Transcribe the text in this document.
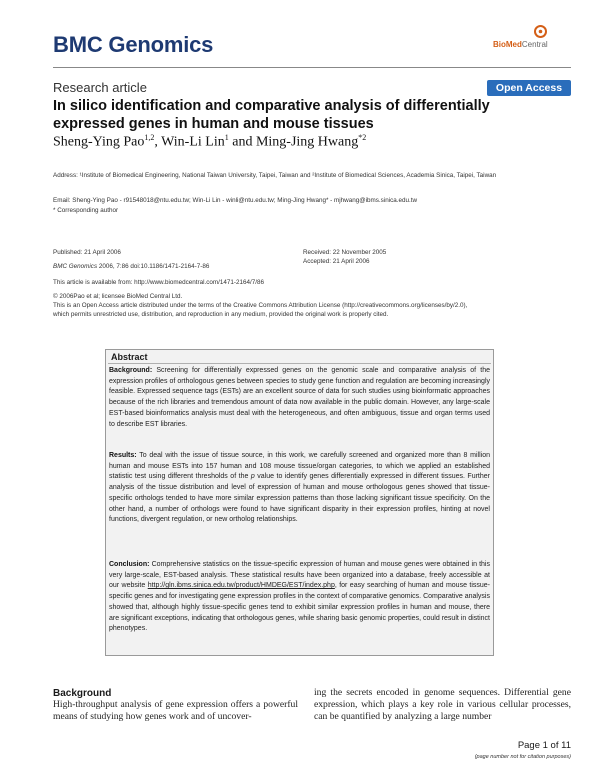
BMC Genomics	BioMedCentral
Research article	Open Access
In silico identification and comparative analysis of differentially expressed genes in human and mouse tissues
Sheng-Ying Pao$^{1,2}$, Win-Li Lin$^1$ and Ming-Jing Hwang$^{*2}$
Address: ¹Institute of Biomedical Engineering, National Taiwan University, Taipei, Taiwan and ²Institute of Biomedical Sciences, Academia Sinica, Taipei, Taiwan
Email: Sheng-Ying Pao - r91548018@ntu.edu.tw; Win-Li Lin - winli@ntu.edu.tw; Ming-Jing Hwang* - mjhwang@ibms.sinica.edu.tw
* Corresponding author
Published: 21 April 2006
BMC Genomics 2006, 7:86 doi:10.1186/1471-2164-7-86
Received: 22 November 2005
Accepted: 21 April 2006
This article is available from: http://www.biomedcentral.com/1471-2164/7/86
© 2006Pao et al; licensee BioMed Central Ltd.
This is an Open Access article distributed under the terms of the Creative Commons Attribution License (http://creativecommons.org/licenses/by/2.0),
which permits unrestricted use, distribution, and reproduction in any medium, provided the original work is properly cited.
Abstract
Background: Screening for differentially expressed genes on the genomic scale and comparative analysis of the expression profiles of orthologous genes between species to study gene function and regulation are becoming increasingly feasible. Expressed sequence tags (ESTs) are an excellent source of data for such studies using bioinformatic approaches because of the rich libraries and tremendous amount of data now available in the public domain. However, any large-scale EST-based bioinformatics analysis must deal with the heterogeneous, and often ambiguous, tissue and organ terms used to describe EST libraries.
Results: To deal with the issue of tissue source, in this work, we carefully screened and organized more than 8 million human and mouse ESTs into 157 human and 108 mouse tissue/organ categories, to which we applied an established statistic test using different thresholds of the p value to identify genes differentially expressed in different tissues. Further analysis of the tissue distribution and level of expression of human and mouse orthologous genes showed that tissue-specific orthologs tended to have more similar expression patterns than those lacking significant tissue specificity. On the other hand, a number of orthologs were found to have significant disparity in their expression profiles, hinting at novel functions, divergent regulation, or new ortholog relationships.
Conclusion: Comprehensive statistics on the tissue-specific expression of human and mouse genes were obtained in this very large-scale, EST-based analysis. These statistical results have been organized into a database, freely accessible at our website http://gln.ibms.sinica.edu.tw/product/HMDEG/EST/index.php, for easy searching of human and mouse tissue-specific genes and for investigating gene expression profiles in the context of comparative genomics. Comparative analysis showed that, although highly tissue-specific genes tend to exhibit similar expression profiles in human and mouse, there are significant exceptions, indicating that orthologous genes, while sharing basic genomic properties, could result in distinct phenotypes.
Background
High-throughput analysis of gene expression offers a powerful means of studying how genes work and of uncover-
ing the secrets encoded in genome sequences. Differential gene expression, which plays a key role in various cellular processes, can be quantified by analyzing a large number
Page 1 of 11
(page number not for citation purposes)
